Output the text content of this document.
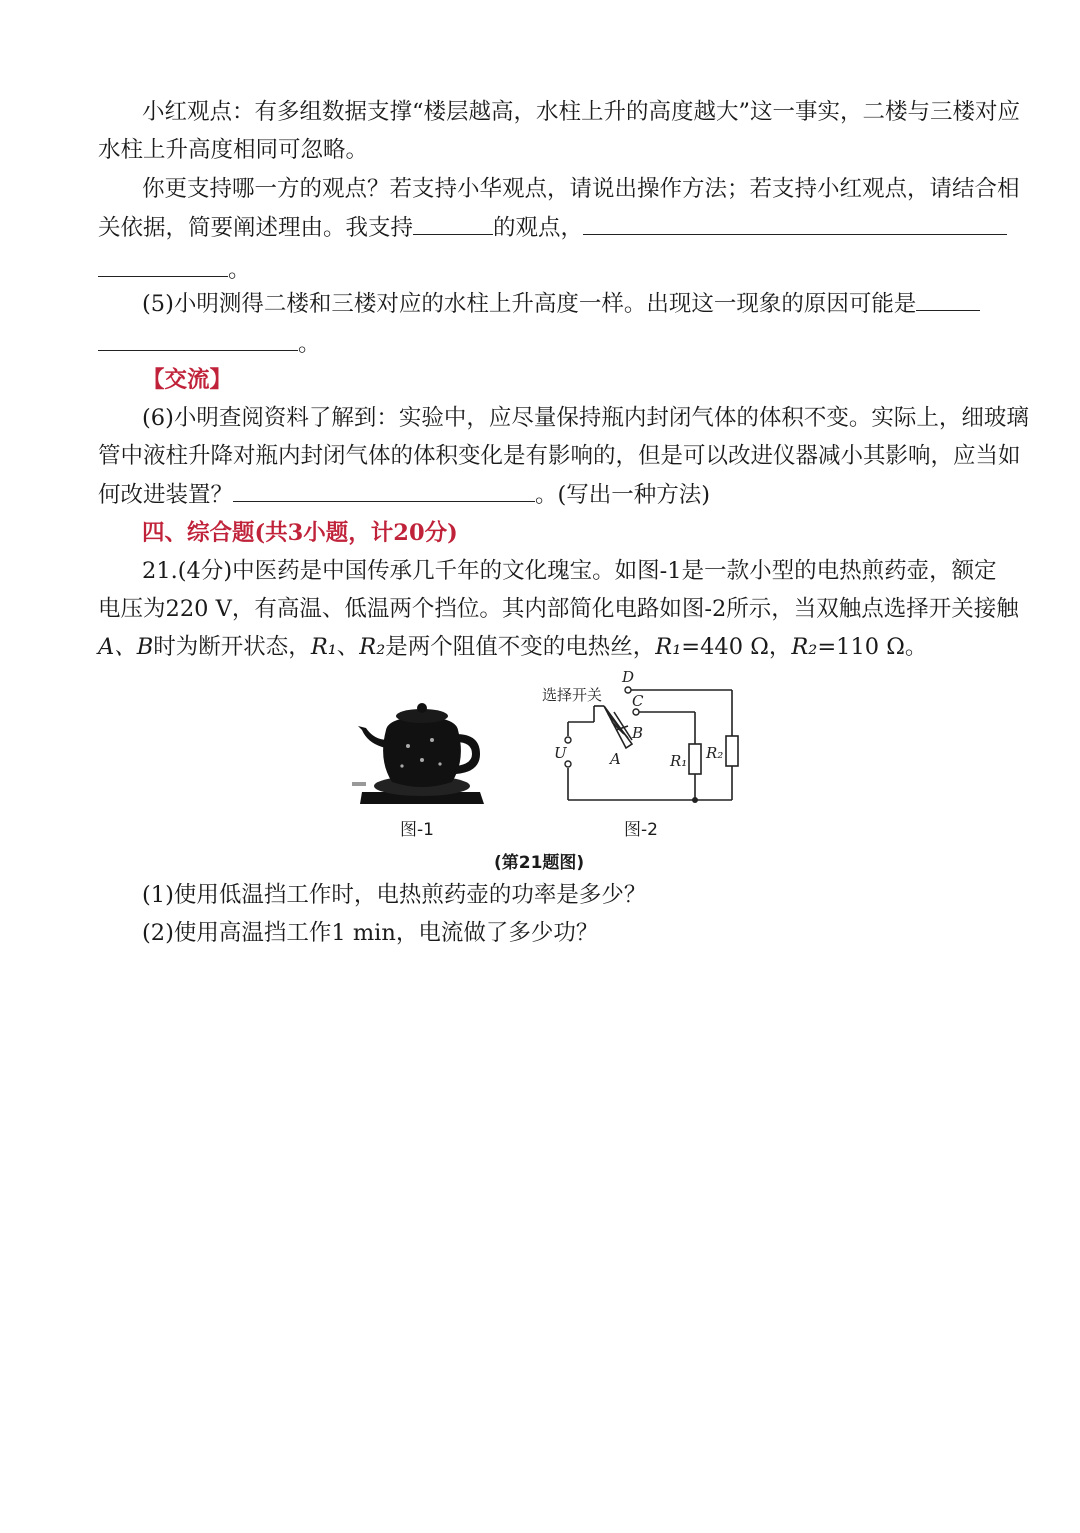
小红观点：有多组数据支撑“楼层越高，水柱上升的高度越大”这一事实，二楼与三楼对应
水柱上升高度相同可忽略。
你更支持哪一方的观点？若支持小华观点，请说出操作方法；若支持小红观点，请结合相
关依据，简要阐述理由。我支持	的观点，
。
(5)小明测得二楼和三楼对应的水柱上升高度一样。出现这一现象的原因可能是
。
【交流】
(6)小明查阅资料了解到：实验中，应尽量保持瓶内封闭气体的体积不变。实际上，细玻璃
管中液柱升降对瓶内封闭气体的体积变化是有影响的，但是可以改进仪器减小其影响，应当如
何改进装置？	。(写出一种方法)
四、综合题(共3小题，计20分)
21.(4分)中医药是中国传承几千年的文化瑰宝。如图-1是一款小型的电热煎药壶，额定
电压为220 V，有高温、低温两个挡位。其内部简化电路如图-2所示，当双触点选择开关接触
A、B时为断开状态，R₁、R₂是两个阻值不变的电热丝，R₁=440 Ω，R₂=110 Ω。
D
C
B
A
U	R₁ R₂
选择开关
图-1	图-2
(第21题图)
(1)使用低温挡工作时，电热煎药壶的功率是多少？
(2)使用高温挡工作1 min，电流做了多少功？
